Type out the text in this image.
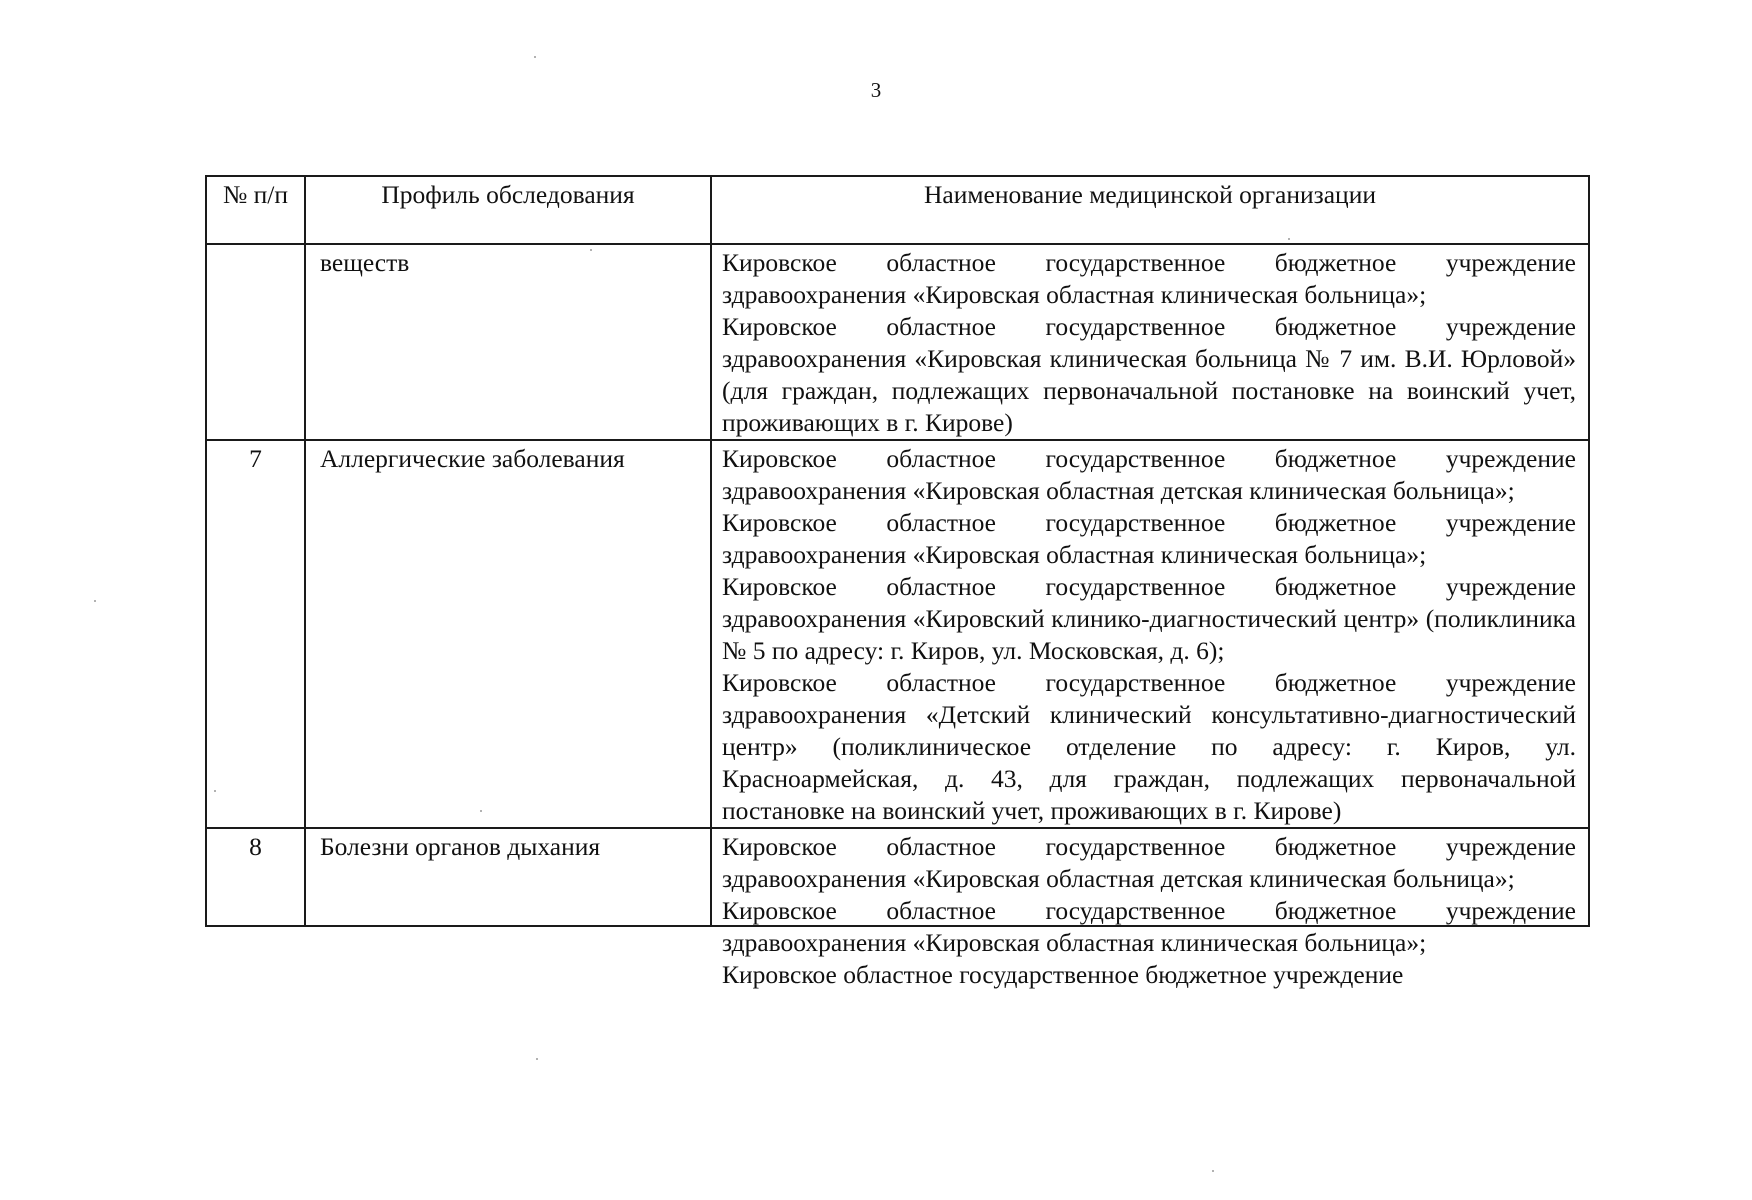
3
№ п/п	Профиль обследования	Наименование медицинской организации
	веществ	Кировское областное государственное бюджетное учреждение здравоохранения «Кировская областная клиническая больница»;

Кировское областное государственное бюджетное учреждение здравоохранения «Кировская клиническая больница № 7 им. В.И. Юрловой» (для граждан, подлежащих первоначальной постановке на воинский учет, проживающих в г. Кирове)

7	Аллергические заболевания	Кировское областное государственное бюджетное учреждение здравоохранения «Кировская областная детская клиническая больница»;

Кировское областное государственное бюджетное учреждение здравоохранения «Кировская областная клиническая больница»;

Кировское областное государственное бюджетное учреждение здравоохранения «Кировский клинико-диагностический центр» (поликлиника № 5 по адресу: г. Киров, ул. Московская, д. 6);

Кировское областное государственное бюджетное учреждение здравоохранения «Детский клинический консультативно-диагностический центр» (поликлиническое отделение по адресу: г. Киров, ул. Красноармейская, д. 43, для граждан, подлежащих первоначальной постановке на воинский учет, проживающих в г. Кирове)

8	Болезни органов дыхания	Кировское областное государственное бюджетное учреждение здравоохранения «Кировская областная детская клиническая больница»;

Кировское областное государственное бюджетное учреждение здравоохранения «Кировская областная клиническая больница»;

Кировское областное государственное бюджетное учреждение
